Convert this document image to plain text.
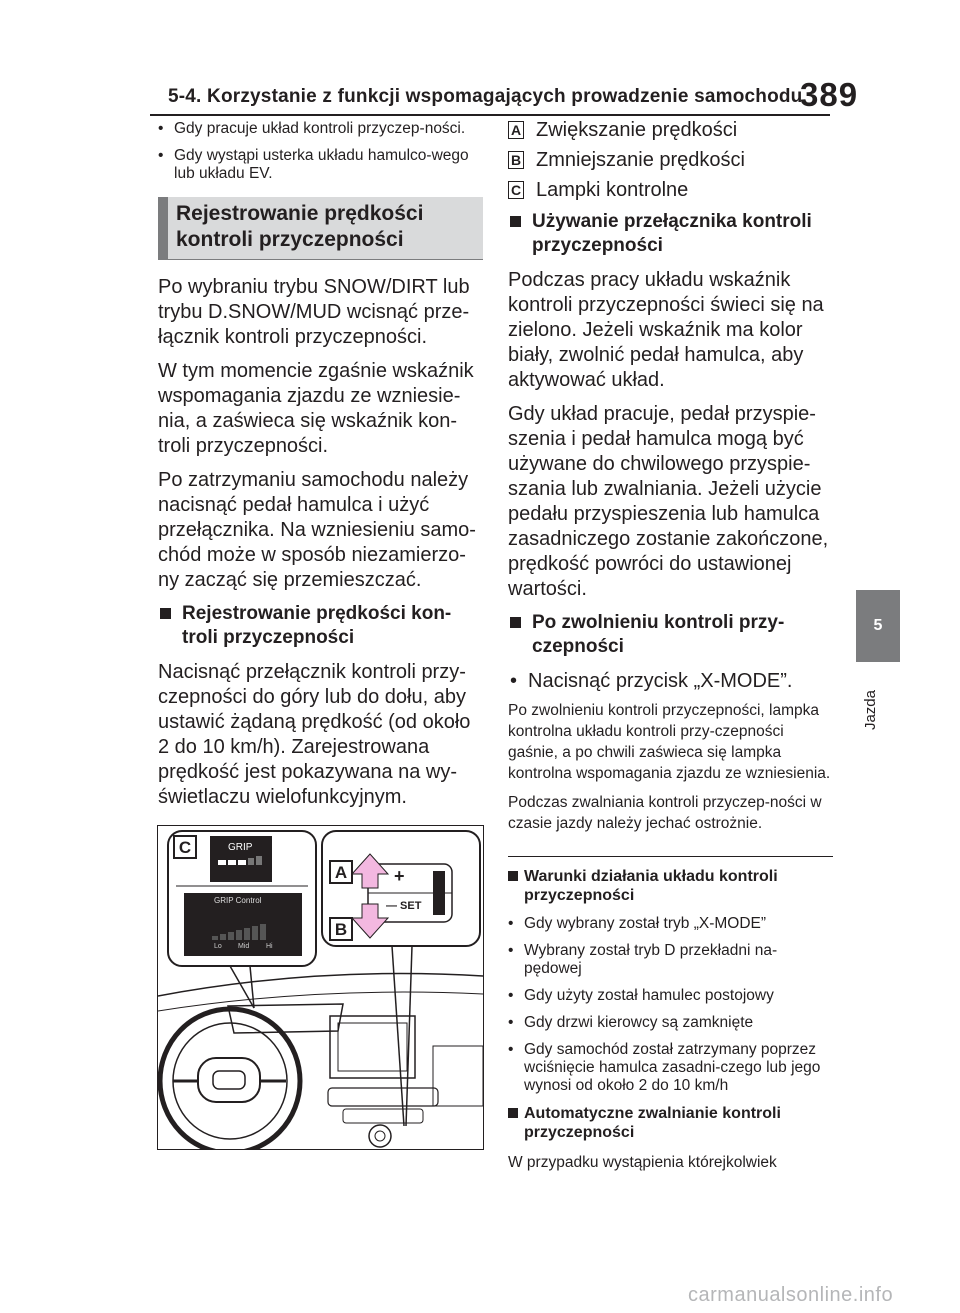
5-4. Korzystanie z funkcji wspomagających prowadzenie samochodu
389
5
Jazda
• Gdy pracuje układ kontroli przyczep-ności.
• Gdy wystąpi usterka układu hamulco-wego lub układu EV.
Rejestrowanie prędkości kontroli przyczepności
Po wybraniu trybu SNOW/DIRT lub trybu D.SNOW/MUD wcisnąć prze-łącznik kontroli przyczepności.
W tym momencie zgaśnie wskaźnik wspomagania zjazdu ze wzniesie-nia, a zaświeca się wskaźnik kon-troli przyczepności.
Po zatrzymaniu samochodu należy nacisnąć pedał hamulca i użyć przełącznika. Na wzniesieniu samo-chód może w sposób niezamierzo-ny zacząć się przemieszczać.
Rejestrowanie prędkości kon-troli przyczepności
Nacisnąć przełącznik kontroli przy-czepności do góry lub do dołu, aby ustawić żądaną prędkość (od około 2 do 10 km/h). Zarejestrowana prędkość jest pokazywana na wy-świetlaczu wielofunkcyjnym.
C
A
B
GRIP
GRIP Control
Lo Mid Hi
+
— SET
A Zwiększanie prędkości
B Zmniejszanie prędkości
C Lampki kontrolne
Używanie przełącznika kontroli przyczepności
Podczas pracy układu wskaźnik kontroli przyczepności świeci się na zielono. Jeżeli wskaźnik ma kolor biały, zwolnić pedał hamulca, aby aktywować układ.
Gdy układ pracuje, pedał przyspie-szenia i pedał hamulca mogą być używane do chwilowego przyspie-szania lub zwalniania. Jeżeli użycie pedału przyspieszenia lub hamulca zasadniczego zostanie zakończone, prędkość powróci do ustawionej wartości.
Po zwolnieniu kontroli przy-czepności
• Nacisnąć przycisk „X-MODE”.
Po zwolnieniu kontroli przyczepności, lampka kontrolna układu kontroli przy-czepności gaśnie, a po chwili zaświeca się lampka kontrolna wspomagania zjazdu ze wzniesienia.
Podczas zwalniania kontroli przyczep-ności w czasie jazdy należy jechać ostrożnie.
Warunki działania układu kontroli przyczepności
• Gdy wybrany został tryb „X-MODE”
• Wybrany został tryb D przekładni na-pędowej
• Gdy użyty został hamulec postojowy
• Gdy drzwi kierowcy są zamknięte
• Gdy samochód został zatrzymany poprzez wciśnięcie hamulca zasadni-czego lub jego wynosi od około 2 do 10 km/h
Automatyczne zwalnianie kontroli przyczepności
W przypadku wystąpienia którejkolwiek
carmanualsonline.info
